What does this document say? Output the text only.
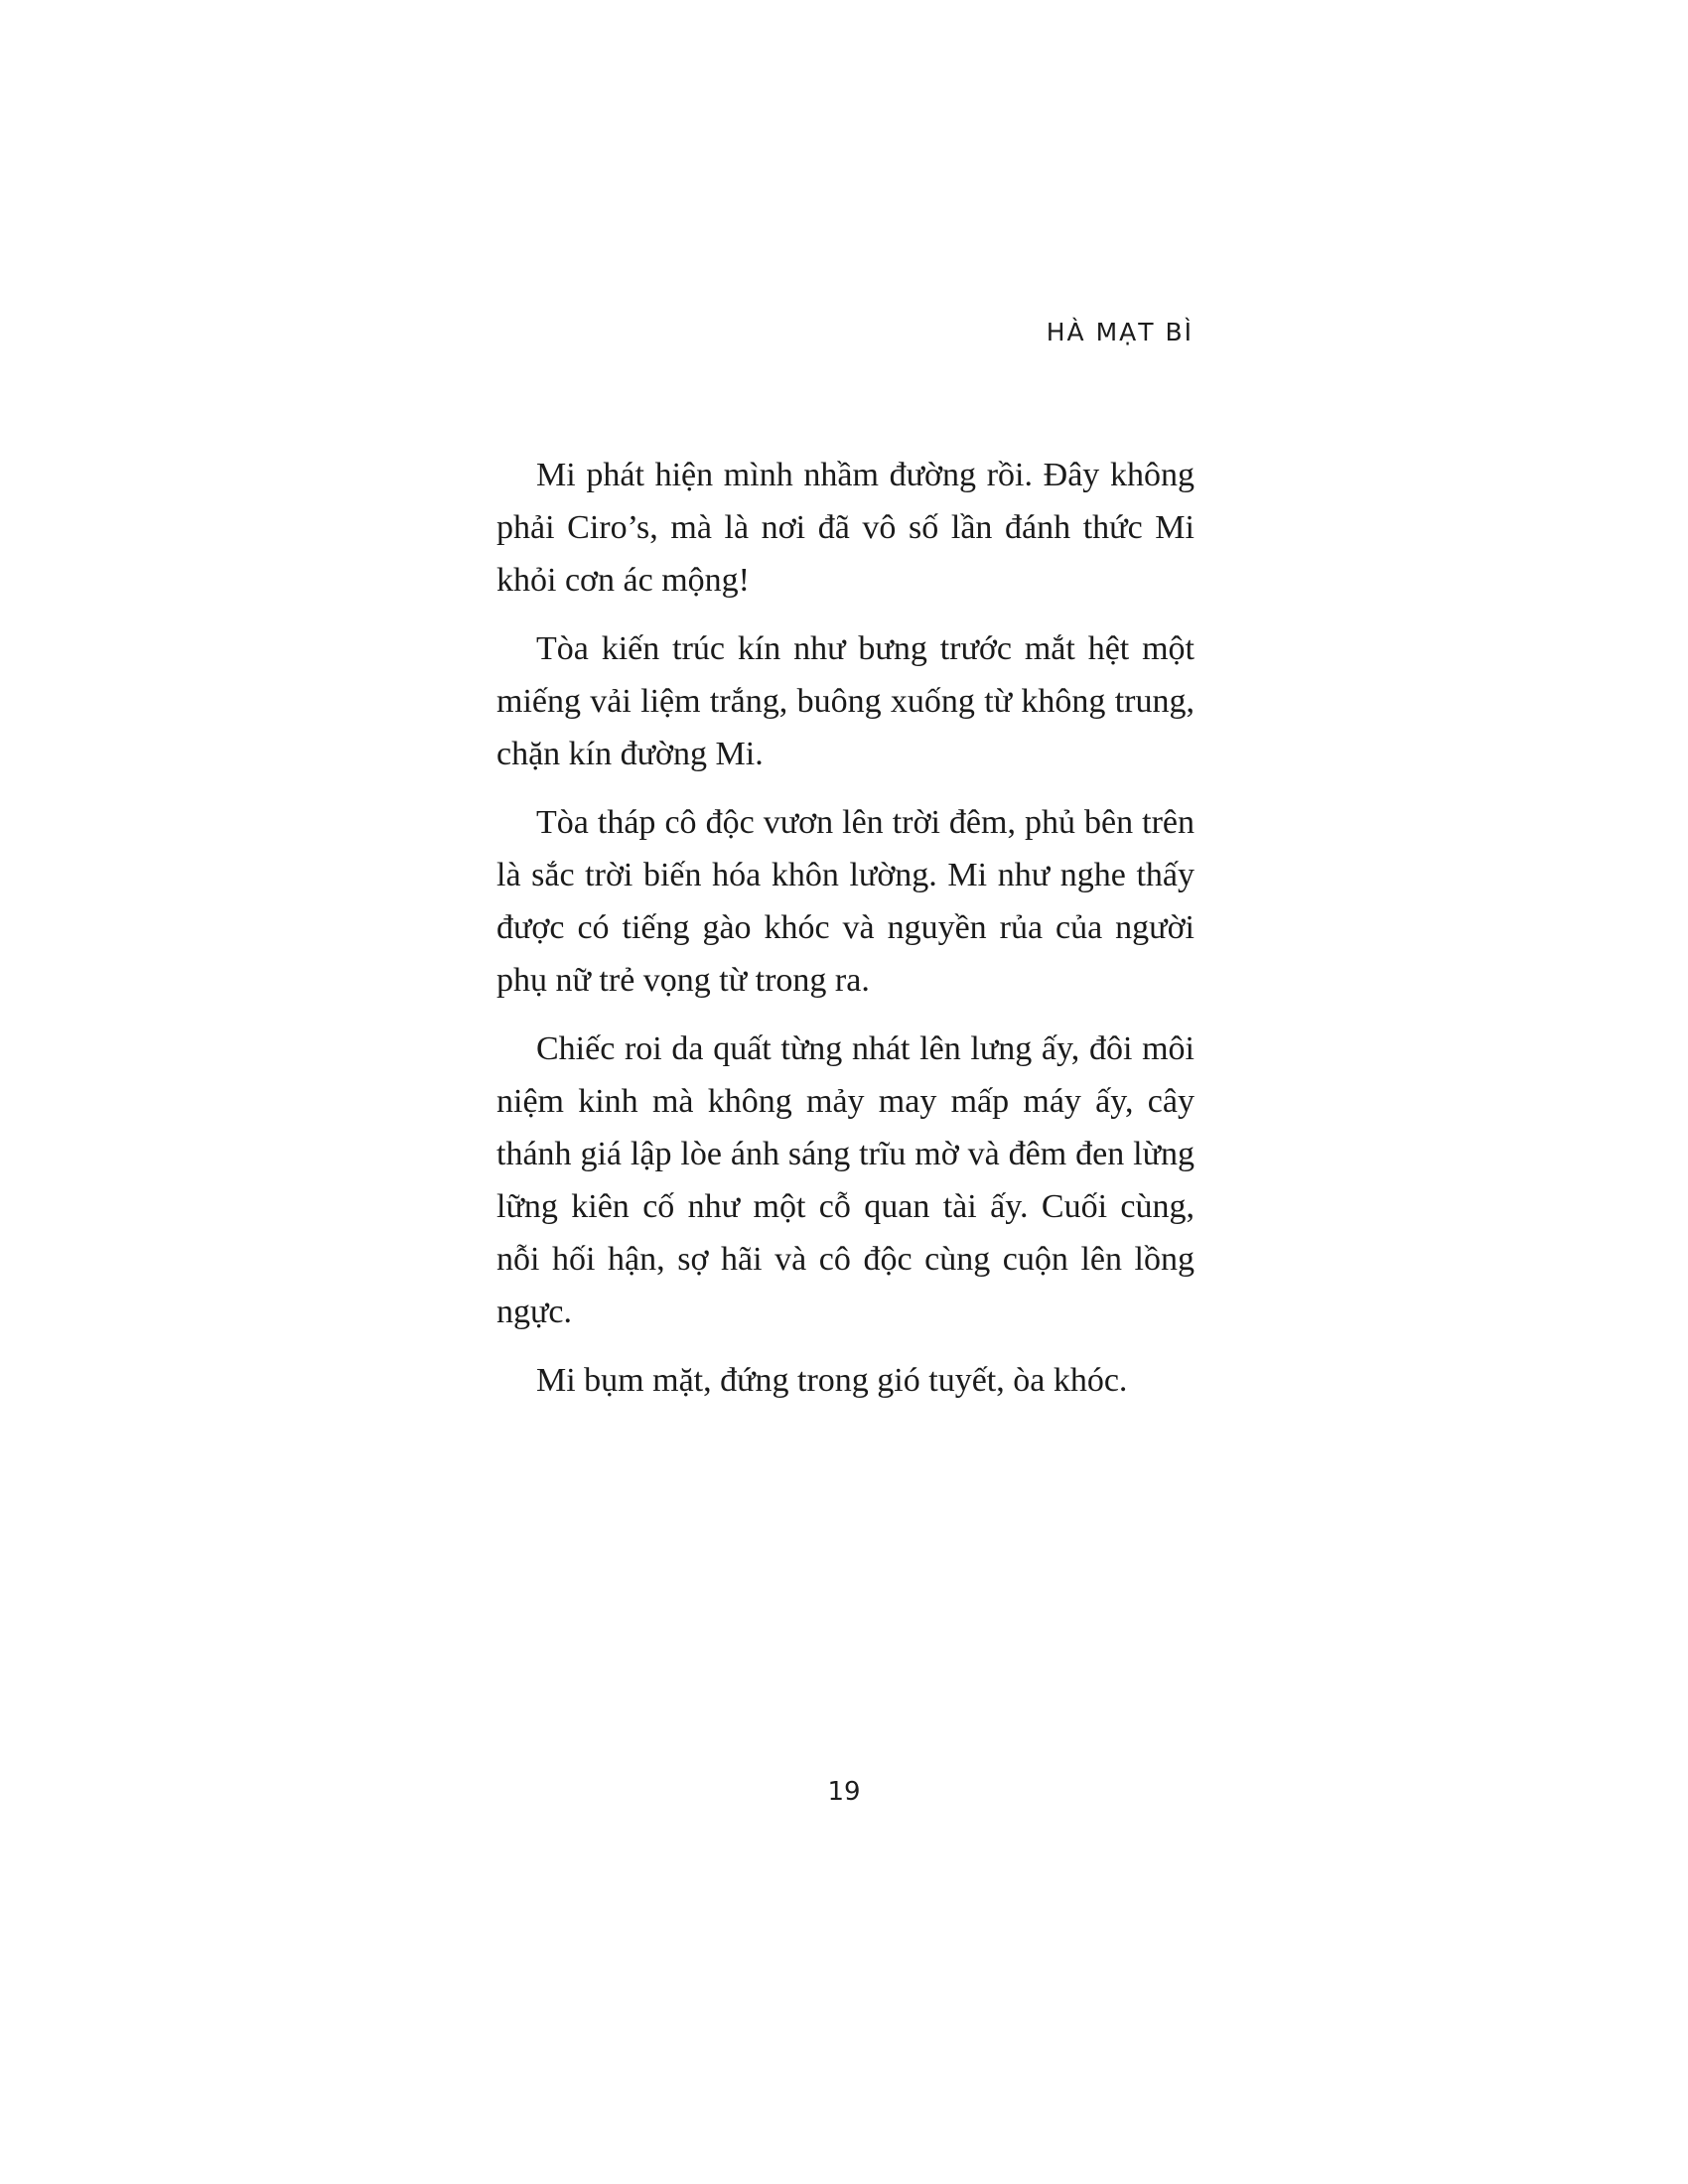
HÀ MẠT BÌ

Mi phát hiện mình nhầm đường rồi. Đây không phải Ciro’s, mà là nơi đã vô số lần đánh thức Mi khỏi cơn ác mộng!

Tòa kiến trúc kín như bưng trước mắt hệt một miếng vải liệm trắng, buông xuống từ không trung, chặn kín đường Mi.

Tòa tháp cô độc vươn lên trời đêm, phủ bên trên là sắc trời biến hóa khôn lường. Mi như nghe thấy được có tiếng gào khóc và nguyền rủa của người phụ nữ trẻ vọng từ trong ra.

Chiếc roi da quất từng nhát lên lưng ấy, đôi môi niệm kinh mà không mảy may mấp máy ấy, cây thánh giá lập lòe ánh sáng trĩu mờ và đêm đen lừng lững kiên cố như một cỗ quan tài ấy. Cuối cùng, nỗi hối hận, sợ hãi và cô độc cùng cuộn lên lồng ngực.

Mi bụm mặt, đứng trong gió tuyết, òa khóc.

19
